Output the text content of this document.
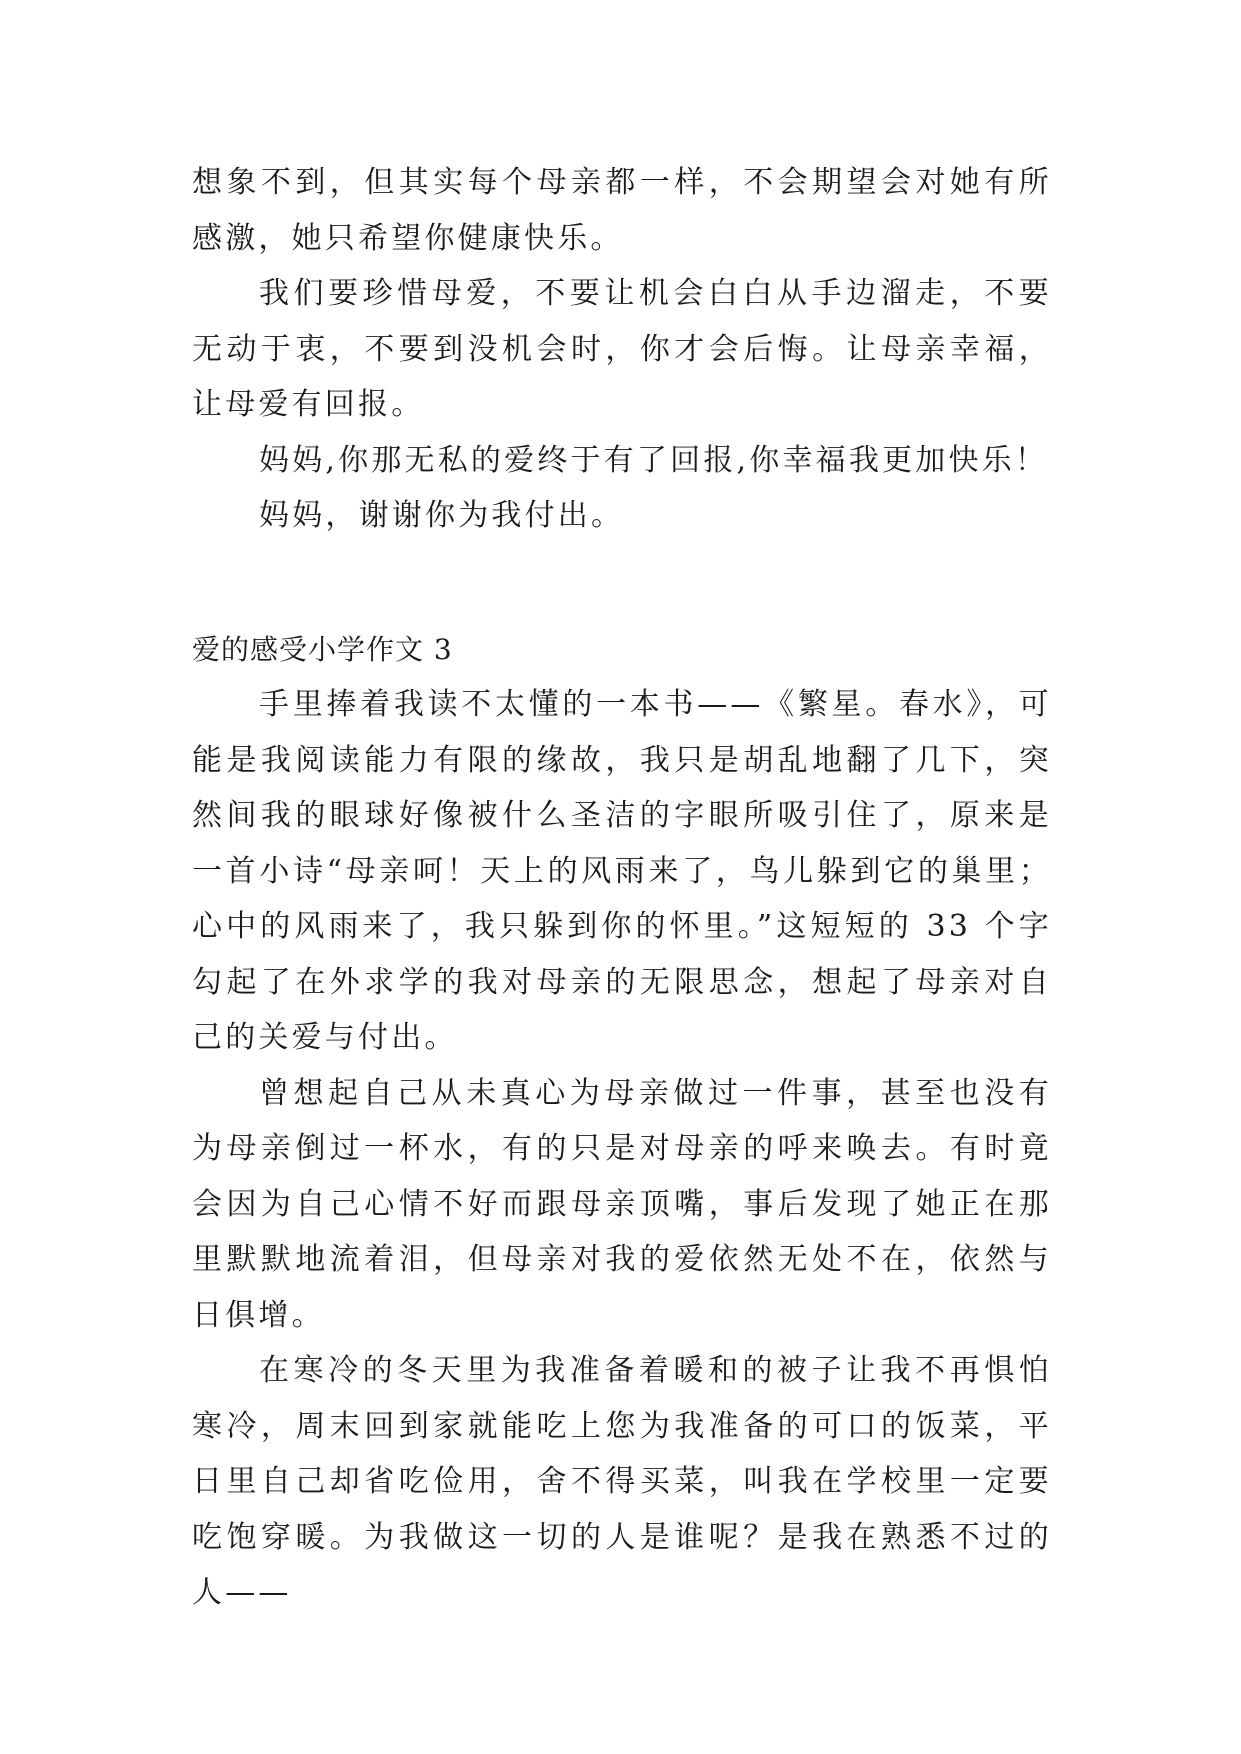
想象不到，但其实每个母亲都一样，不会期望会对她有所感激，她只希望你健康快乐。

我们要珍惜母爱，不要让机会白白从手边溜走，不要无动于衷，不要到没机会时，你才会后悔。让母亲幸福，让母爱有回报。

妈妈,你那无私的爱终于有了回报,你幸福我更加快乐！

妈妈，谢谢你为我付出。

爱的感受小学作文 3

手里捧着我读不太懂的一本书——《繁星。春水》，可能是我阅读能力有限的缘故，我只是胡乱地翻了几下，突然间我的眼球好像被什么圣洁的字眼所吸引住了，原来是一首小诗“母亲呵！天上的风雨来了，鸟儿躲到它的巢里；心中的风雨来了，我只躲到你的怀里。”这短短的 33 个字勾起了在外求学的我对母亲的无限思念，想起了母亲对自己的关爱与付出。

曾想起自己从未真心为母亲做过一件事，甚至也没有为母亲倒过一杯水，有的只是对母亲的呼来唤去。有时竟会因为自己心情不好而跟母亲顶嘴，事后发现了她正在那里默默地流着泪，但母亲对我的爱依然无处不在，依然与日俱增。

在寒冷的冬天里为我准备着暖和的被子让我不再惧怕寒冷，周末回到家就能吃上您为我准备的可口的饭菜，平日里自己却省吃俭用，舍不得买菜，叫我在学校里一定要吃饱穿暖。为我做这一切的人是谁呢？是我在熟悉不过的人——
